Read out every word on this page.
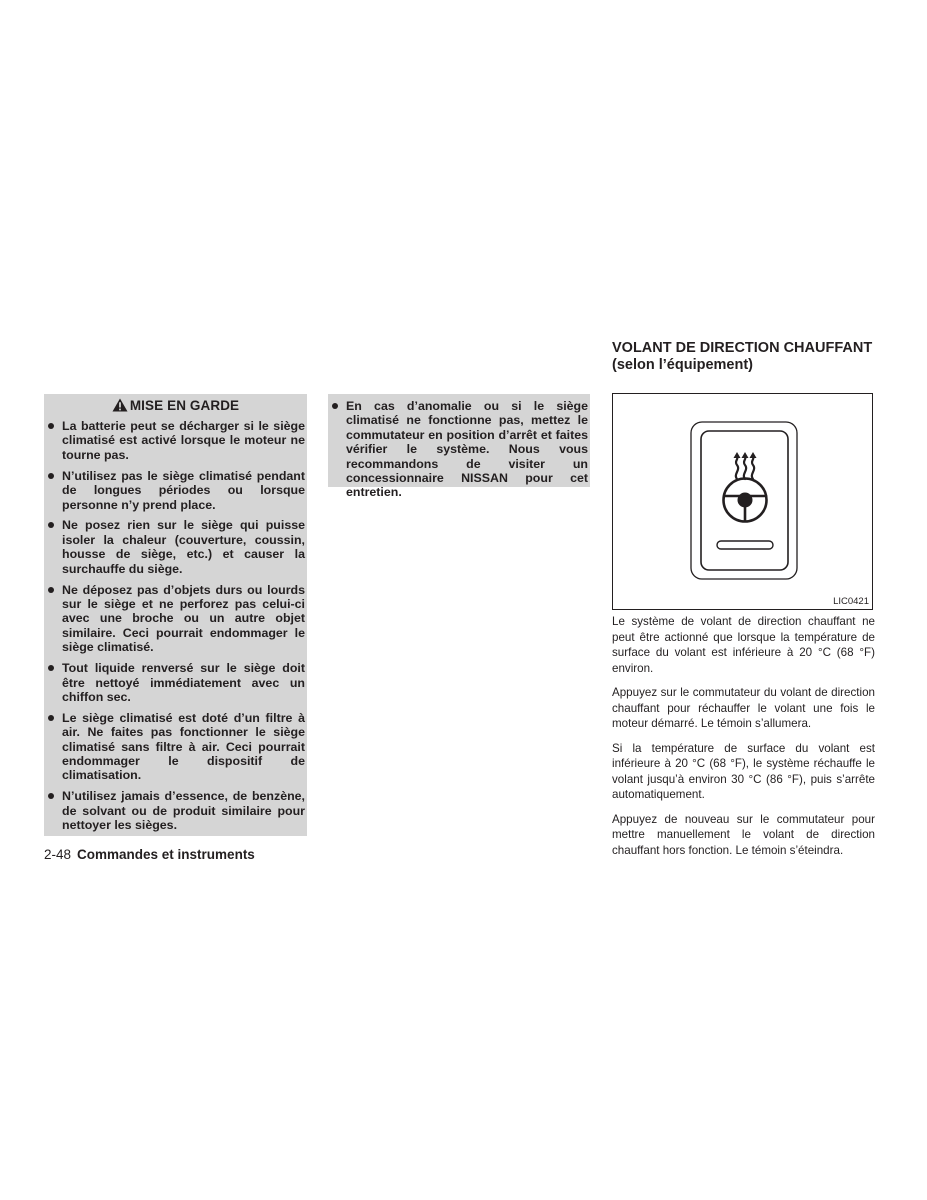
MISE EN GARDE
La batterie peut se décharger si le siège climatisé est activé lorsque le moteur ne tourne pas.
N’utilisez pas le siège climatisé pendant de longues périodes ou lorsque personne n’y prend place.
Ne posez rien sur le siège qui puisse isoler la chaleur (couverture, coussin, housse de siège, etc.) et causer la surchauffe du siège.
Ne déposez pas d’objets durs ou lourds sur le siège et ne perforez pas celui-ci avec une broche ou un autre objet similaire. Ceci pourrait endommager le siège climatisé.
Tout liquide renversé sur le siège doit être nettoyé immédiatement avec un chiffon sec.
Le siège climatisé est doté d’un filtre à air. Ne faites pas fonctionner le siège climatisé sans filtre à air. Ceci pourrait endommager le dispositif de climatisation.
N’utilisez jamais d’essence, de benzène, de solvant ou de produit similaire pour nettoyer les sièges.
En cas d’anomalie ou si le siège climatisé ne fonctionne pas, mettez le commutateur en position d’arrêt et faites vérifier le système. Nous vous recommandons de visiter un concessionnaire NISSAN pour cet entretien.
2-48 Commandes et instruments
VOLANT DE DIRECTION CHAUFFANT
(selon l’équipement)
LIC0421

Le système de volant de direction chauffant ne peut être actionné que lorsque la température de surface du volant est inférieure à 20 °C (68 °F) environ.

Appuyez sur le commutateur du volant de direction chauffant pour réchauffer le volant une fois le moteur démarré. Le témoin s’allumera.

Si la température de surface du volant est inférieure à 20 °C (68 °F), le système réchauffe le volant jusqu’à environ 30 °C (86 °F), puis s’arrête automatiquement.

Appuyez de nouveau sur le commutateur pour mettre manuellement le volant de direction chauffant hors fonction. Le témoin s’éteindra.
